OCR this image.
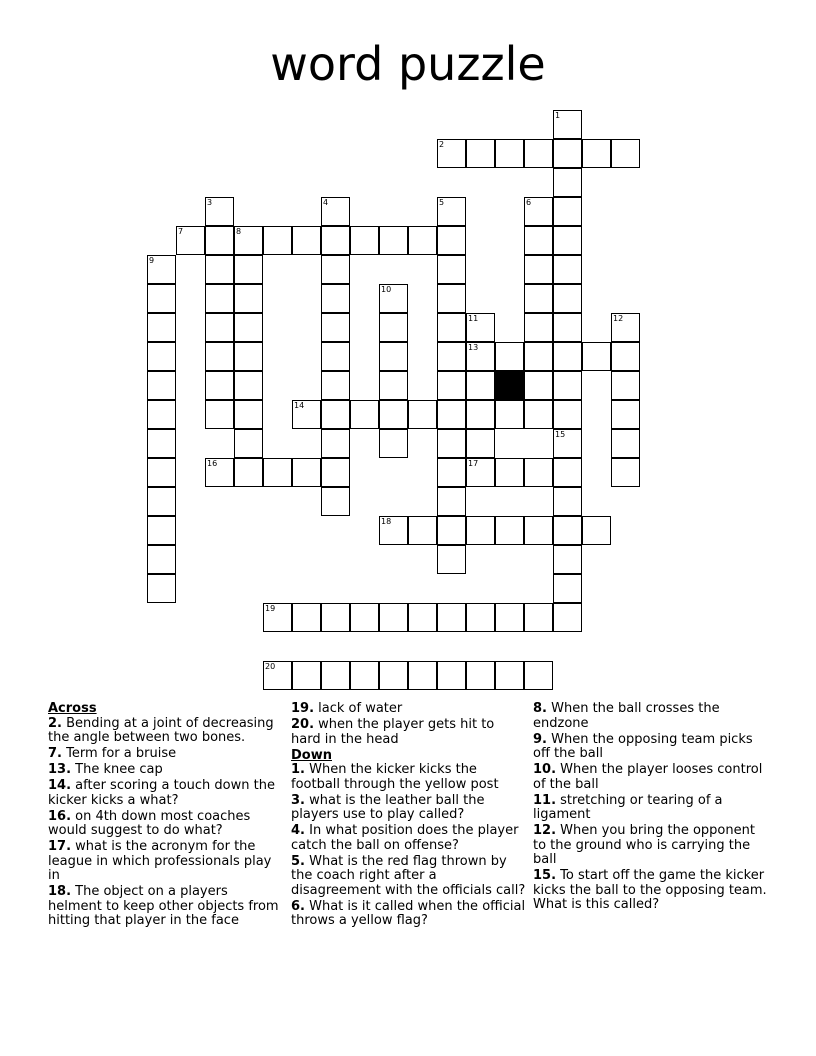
word puzzle
1
15
2
3	4	5	6
7	8
9
10
11
13
17
12
14
16
18
19
20
Across
2. Bending at a joint of decreasing the angle between two bones.
7. Term for a bruise
13. The knee cap
14. after scoring a touch down the kicker kicks a what?
16. on 4th down most coaches would suggest to do what?
17. what is the acronym for the league in which professionals play in
18. The object on a players helment to keep other objects from hitting that player in the face
19. lack of water
20. when the player gets hit to hard in the head
Down
1. When the kicker kicks the football through the yellow post
3. what is the leather ball the players use to play called?
4. In what position does the player catch the ball on offense?
5. What is the red flag thrown by the coach right after a disagreement with the officials call?
6. What is it called when the official throws a yellow flag?
8. When the ball crosses the endzone
9. When the opposing team picks off the ball
10. When the player looses control of the ball
11. stretching or tearing of a ligament
12. When you bring the opponent to the ground who is carrying the ball
15. To start off the game the kicker kicks the ball to the opposing team. What is this called?
